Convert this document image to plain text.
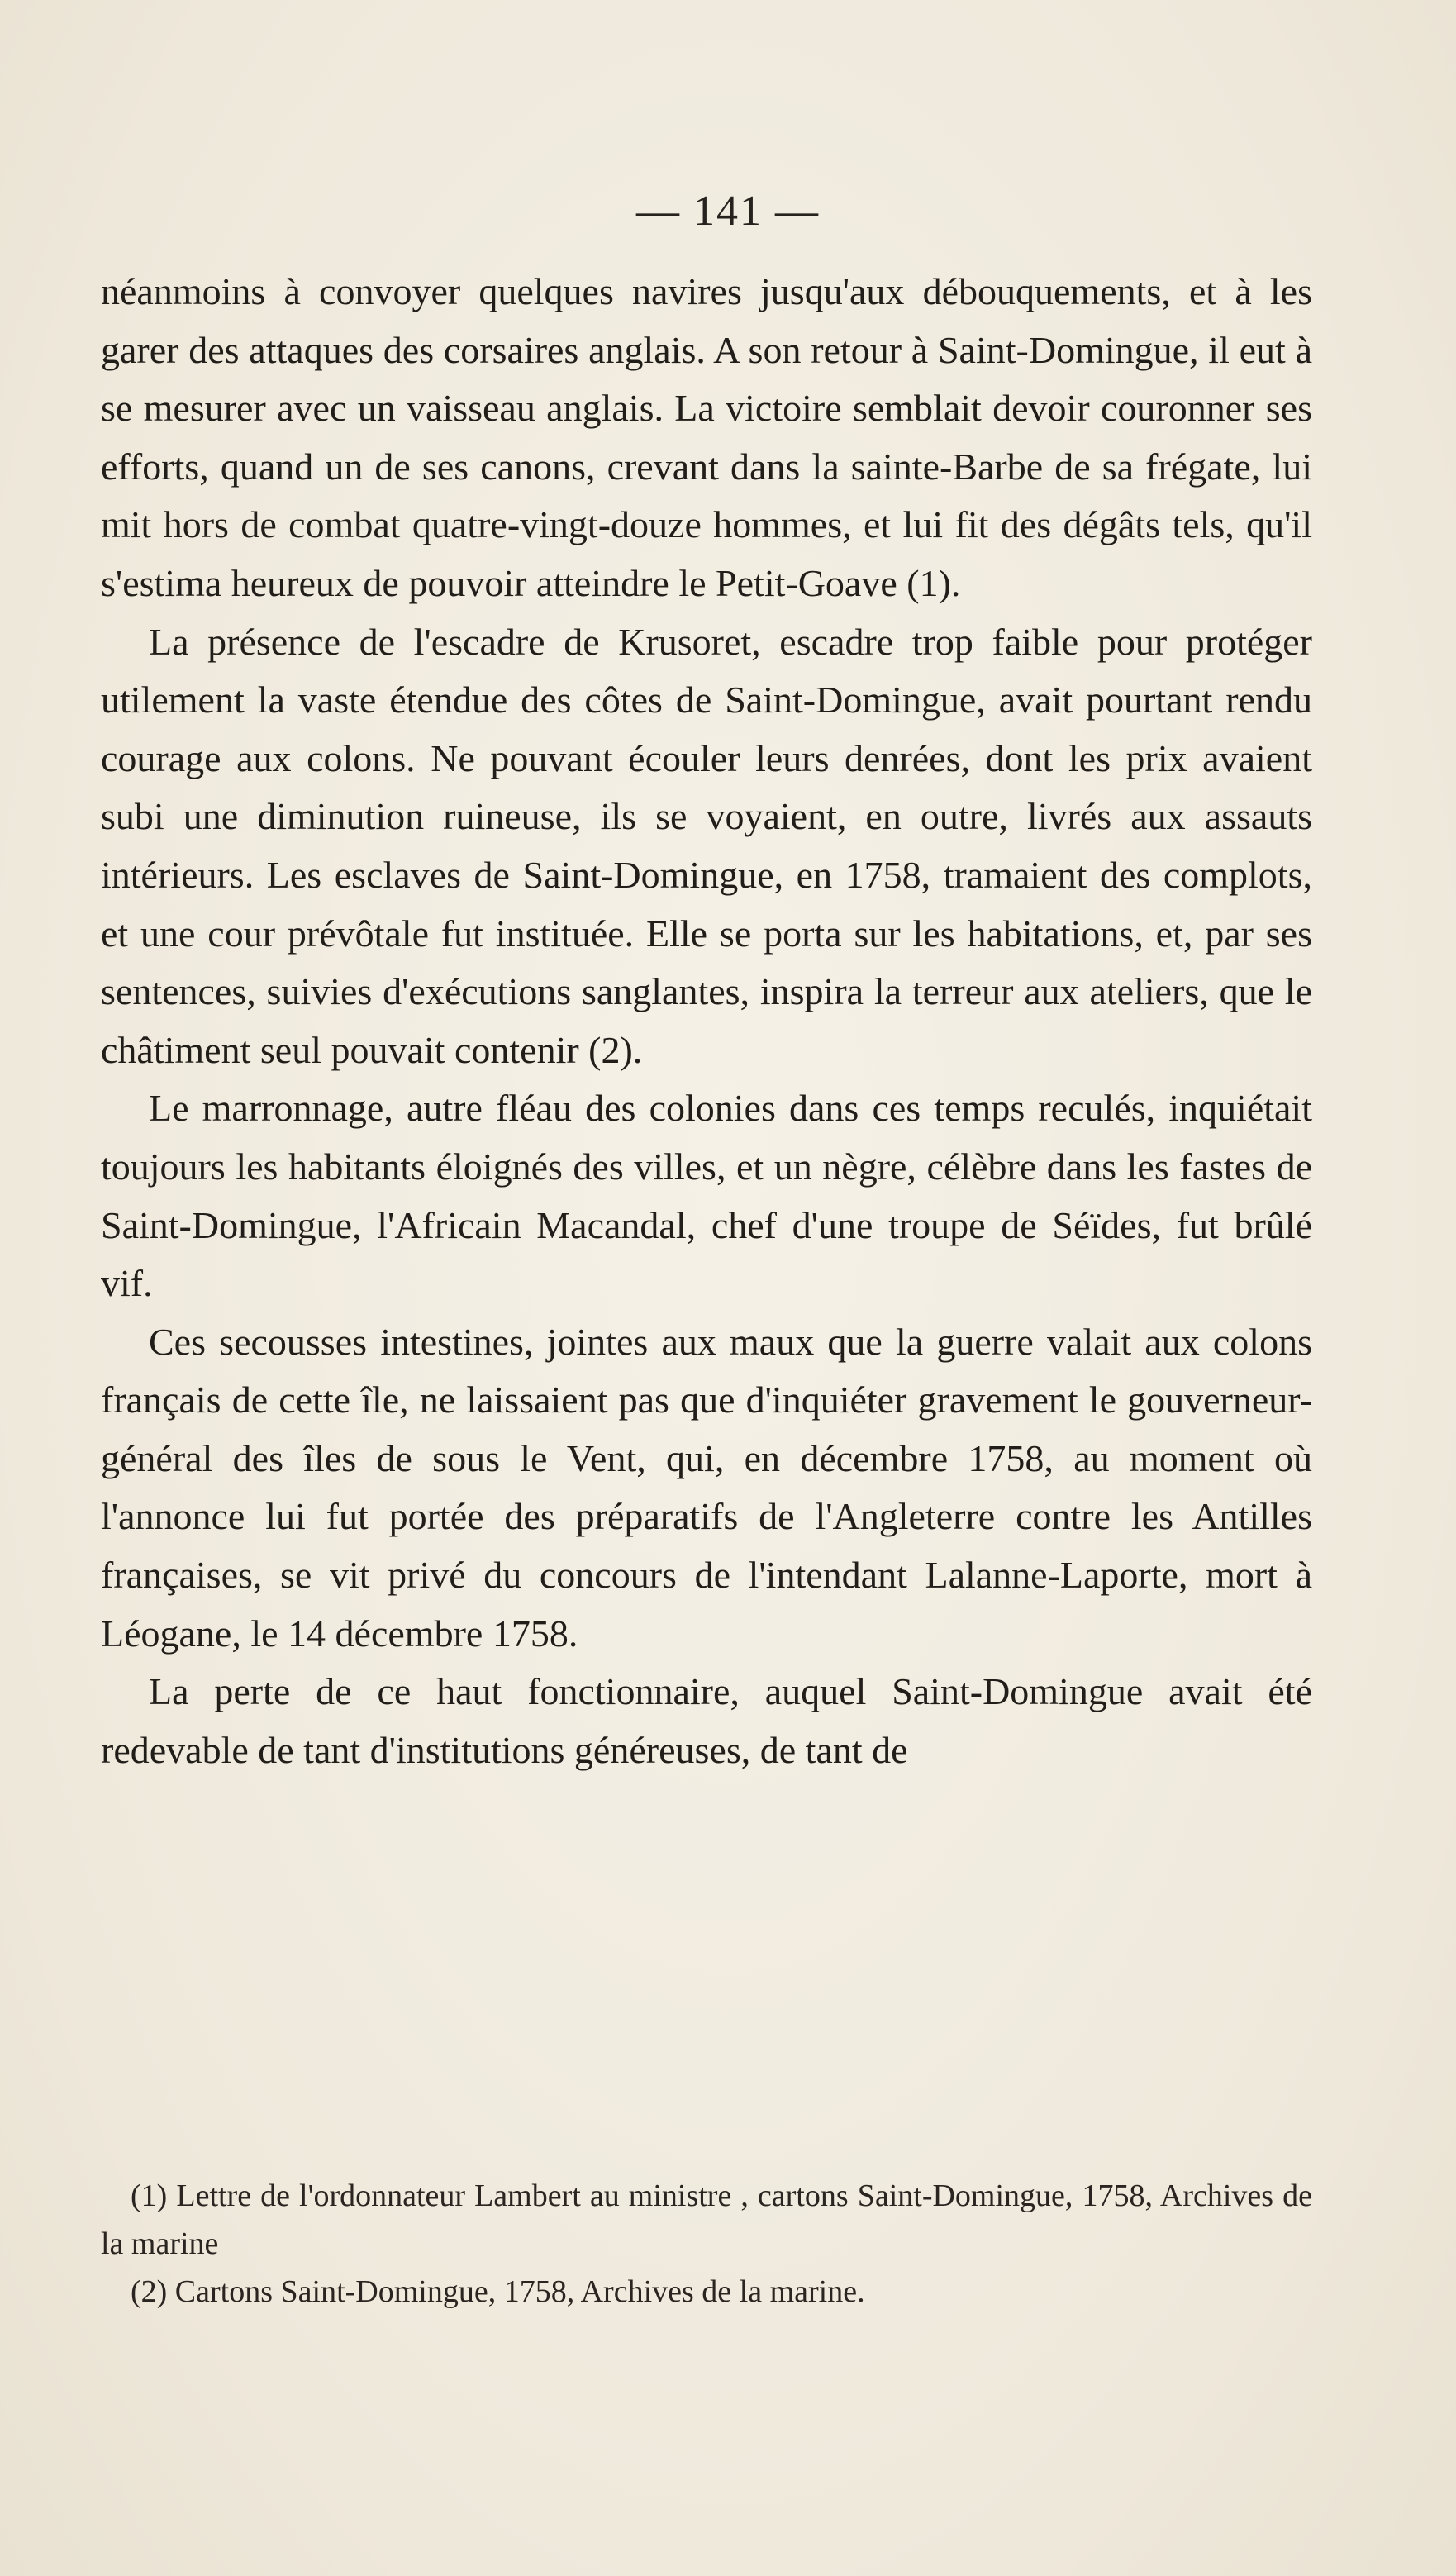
— 141 —

néanmoins à convoyer quelques navires jusqu'aux débouquements, et à les garer des attaques des corsaires anglais. A son retour à Saint-Domingue, il eut à se mesurer avec un vaisseau anglais. La victoire semblait devoir couronner ses efforts, quand un de ses canons, crevant dans la sainte-Barbe de sa frégate, lui mit hors de combat quatre-vingt-douze hommes, et lui fit des dégâts tels, qu'il s'estima heureux de pouvoir atteindre le Petit-Goave (1).

La présence de l'escadre de Krusoret, escadre trop faible pour protéger utilement la vaste étendue des côtes de Saint-Domingue, avait pourtant rendu courage aux colons. Ne pouvant écouler leurs denrées, dont les prix avaient subi une diminution ruineuse, ils se voyaient, en outre, livrés aux assauts intérieurs. Les esclaves de Saint-Domingue, en 1758, tramaient des complots, et une cour prévôtale fut instituée. Elle se porta sur les habitations, et, par ses sentences, suivies d'exécutions sanglantes, inspira la terreur aux ateliers, que le châtiment seul pouvait contenir (2).

Le marronnage, autre fléau des colonies dans ces temps reculés, inquiétait toujours les habitants éloignés des villes, et un nègre, célèbre dans les fastes de Saint-Domingue, l'Africain Macandal, chef d'une troupe de Séïdes, fut brûlé vif.

Ces secousses intestines, jointes aux maux que la guerre valait aux colons français de cette île, ne laissaient pas que d'inquiéter gravement le gouverneur-général des îles de sous le Vent, qui, en décembre 1758, au moment où l'annonce lui fut portée des préparatifs de l'Angleterre contre les Antilles françaises, se vit privé du concours de l'intendant Lalanne-Laporte, mort à Léogane, le 14 décembre 1758.

La perte de ce haut fonctionnaire, auquel Saint-Domingue avait été redevable de tant d'institutions généreuses, de tant de

(1) Lettre de l'ordonnateur Lambert au ministre , cartons Saint-Domingue, 1758, Archives de la marine

(2) Cartons Saint-Domingue, 1758, Archives de la marine.
